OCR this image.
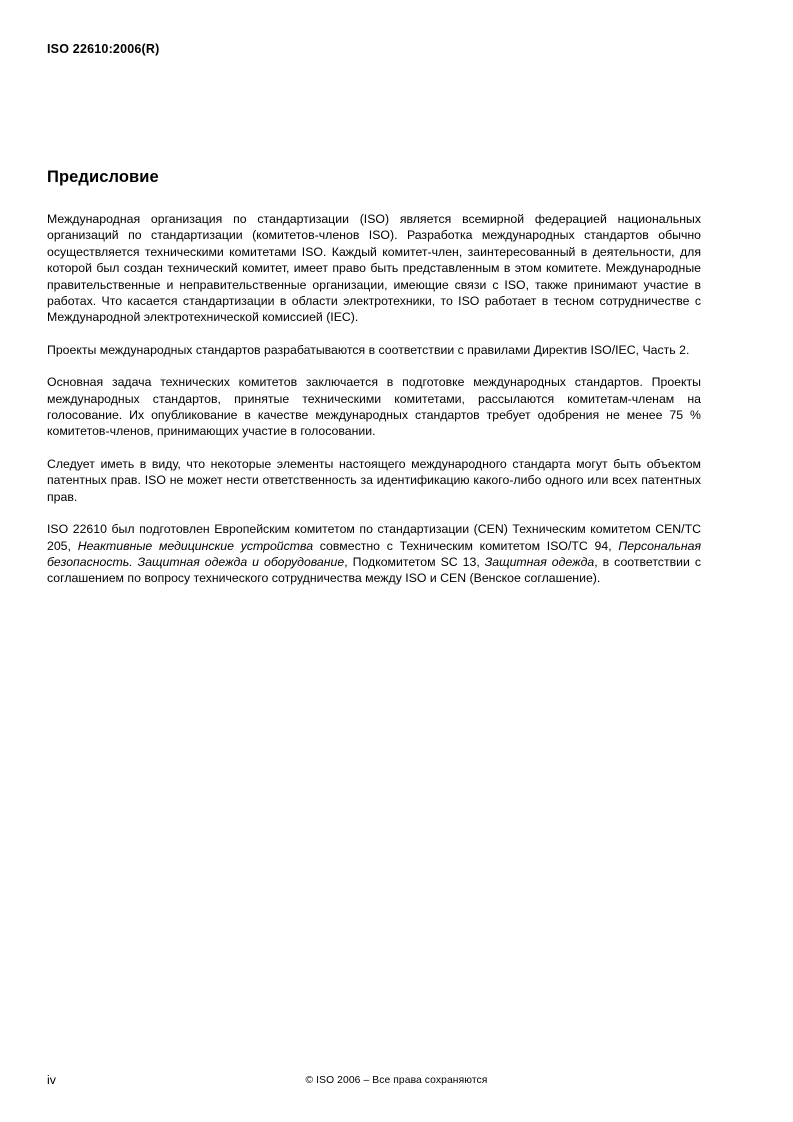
ISO 22610:2006(R)
Предисловие

Международная организация по стандартизации (ISO) является всемирной федерацией национальных организаций по стандартизации (комитетов-членов ISO). Разработка международных стандартов обычно осуществляется техническими комитетами ISO. Каждый комитет-член, заинтересованный в деятельности, для которой был создан технический комитет, имеет право быть представленным в этом комитете. Международные правительственные и неправительственные организации, имеющие связи с ISO, также принимают участие в работах. Что касается стандартизации в области электротехники, то ISO работает в тесном сотрудничестве с Международной электротехнической комиссией (IEC).

Проекты международных стандартов разрабатываются в соответствии с правилами Директив ISO/IEC, Часть 2.

Основная задача технических комитетов заключается в подготовке международных стандартов. Проекты международных стандартов, принятые техническими комитетами, рассылаются комитетам-членам на голосование. Их опубликование в качестве международных стандартов требует одобрения не менее 75 % комитетов-членов, принимающих участие в голосовании.

Следует иметь в виду, что некоторые элементы настоящего международного стандарта могут быть объектом патентных прав. ISO не может нести ответственность за идентификацию какого-либо одного или всех патентных прав.

ISO 22610 был подготовлен Европейским комитетом по стандартизации (CEN) Техническим комитетом CEN/TC 205, Неактивные медицинские устройства совместно с Техническим комитетом ISO/TC 94, Персональная безопасность. Защитная одежда и оборудование, Подкомитетом SC 13, Защитная одежда, в соответствии с соглашением по вопросу технического сотрудничества между ISO и CEN (Венское соглашение).

iv	© ISO 2006 – Все права сохраняются
